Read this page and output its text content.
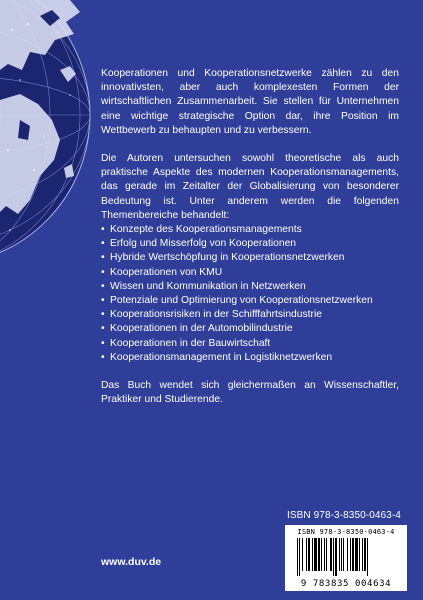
Kooperationen und Kooperationsnetzwerke zählen zu den innovativsten, aber auch komplexesten Formen der wirtschaftlichen Zusammenarbeit. Sie stellen für Unternehmen eine wichtige strategische Option dar, ihre Position im Wettbewerb zu behaupten und zu verbessern.

Die Autoren untersuchen sowohl theoretische als auch praktische Aspekte des modernen Kooperationsmanagements, das gerade im Zeitalter der Globalisierung von besonderer Bedeutung ist. Unter anderem werden die folgenden Themenbereiche behandelt:

• Konzepte des Kooperationsmanagements
• Erfolg und Misserfolg von Kooperationen
• Hybride Wertschöpfung in Kooperationsnetzwerken
• Kooperationen von KMU
• Wissen und Kommunikation in Netzwerken
• Potenziale und Optimierung von Kooperationsnetzwerken
• Kooperationsrisiken in der Schifffahrtsindustrie
• Kooperationen in der Automobilindustrie
• Kooperationen in der Bauwirtschaft
• Kooperationsmanagement in Logistiknetzwerken

Das Buch wendet sich gleichermaßen an Wissenschaftler, Praktiker und Studierende.

ISBN 978-3-8350-0463-4
ISBN 978-3-8350-0463-4
9 783835 004634
www.duv.de
